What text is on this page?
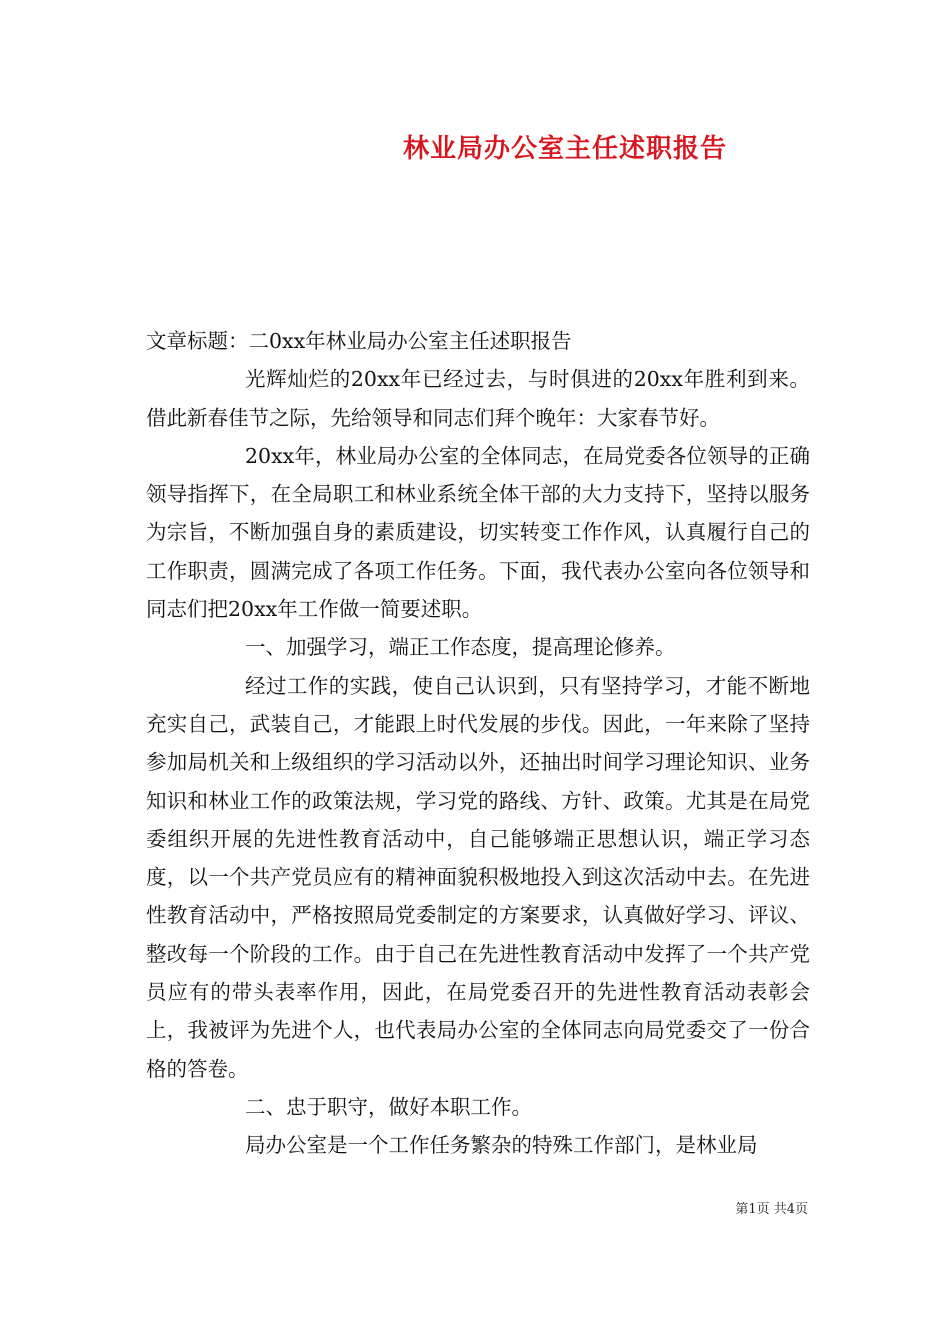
林业局办公室主任述职报告

文章标题：二0xx年林业局办公室主任述职报告

光辉灿烂的20xx年已经过去，与时俱进的20xx年胜利到来。借此新春佳节之际，先给领导和同志们拜个晚年：大家春节好。

20xx年，林业局办公室的全体同志，在局党委各位领导的正确领导指挥下，在全局职工和林业系统全体干部的大力支持下，坚持以服务为宗旨，不断加强自身的素质建设，切实转变工作作风，认真履行自己的工作职责，圆满完成了各项工作任务。下面，我代表办公室向各位领导和同志们把20xx年工作做一简要述职。

一、加强学习，端正工作态度，提高理论修养。

经过工作的实践，使自己认识到，只有坚持学习，才能不断地充实自己，武装自己，才能跟上时代发展的步伐。因此，一年来除了坚持参加局机关和上级组织的学习活动以外，还抽出时间学习理论知识、业务知识和林业工作的政策法规，学习党的路线、方针、政策。尤其是在局党委组织开展的先进性教育活动中，自己能够端正思想认识，端正学习态度，以一个共产党员应有的精神面貌积极地投入到这次活动中去。在先进性教育活动中，严格按照局党委制定的方案要求，认真做好学习、评议、整改每一个阶段的工作。由于自己在先进性教育活动中发挥了一个共产党员应有的带头表率作用，因此，在局党委召开的先进性教育活动表彰会上，我被评为先进个人，也代表局办公室的全体同志向局党委交了一份合格的答卷。

二、忠于职守，做好本职工作。

局办公室是一个工作任务繁杂的特殊工作部门，是林业局

第1页 共4页
